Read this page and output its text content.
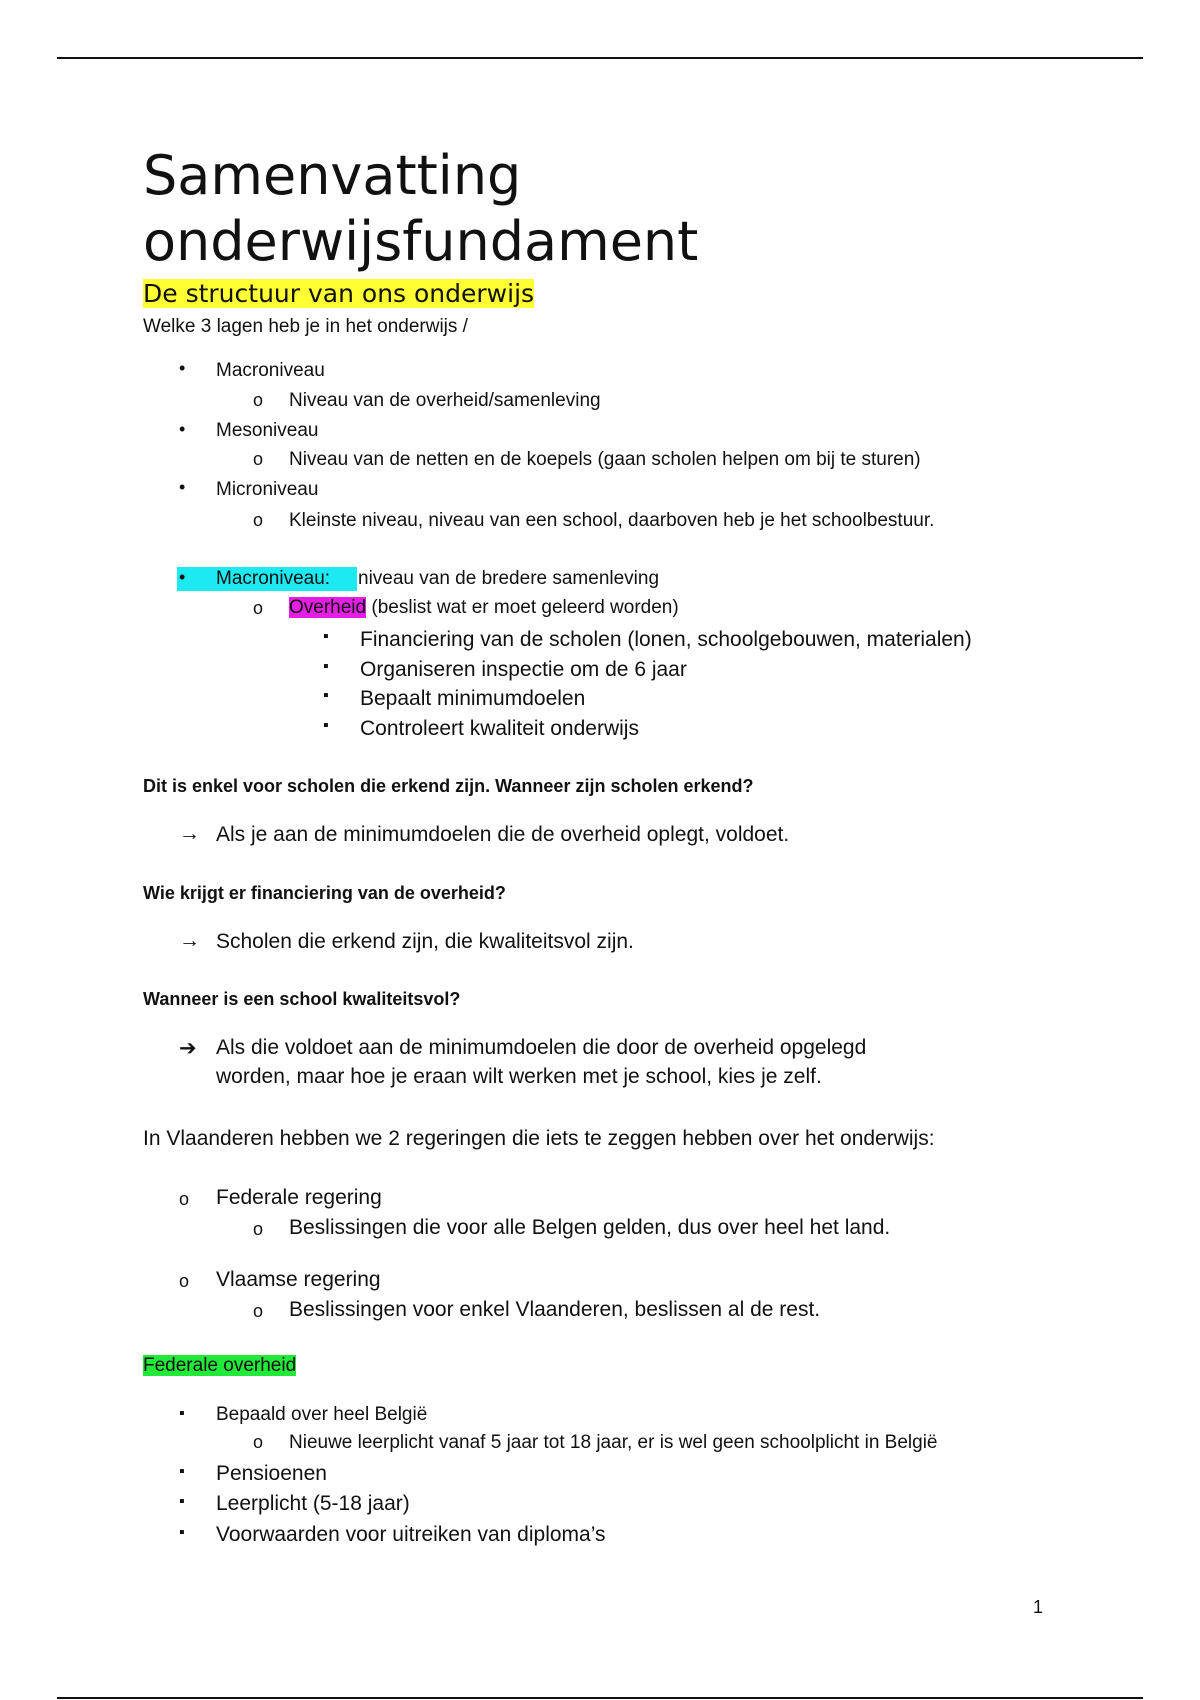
Samenvatting
onderwijsfundament
De structuur van ons onderwijs
Welke 3 lagen heb je in het onderwijs /
• Macroniveau
o Niveau van de overheid/samenleving
• Mesoniveau
o Niveau van de netten en de koepels (gaan scholen helpen om bij te sturen)
• Microniveau
o Kleinste niveau, niveau van een school, daarboven heb je het schoolbestuur.
• Macroniveau: niveau van de bredere samenleving
o Overheid (beslist wat er moet geleerd worden)
▪ Financiering van de scholen (lonen, schoolgebouwen, materialen)
▪ Organiseren inspectie om de 6 jaar
▪ Bepaalt minimumdoelen
Controleert kwaliteit onderwijs
▪
Dit is enkel voor scholen die erkend zijn. Wanneer zijn scholen erkend?
→ Als je aan de minimumdoelen die de overheid oplegt, voldoet.
Wie krijgt er financiering van de overheid?
→ Scholen die erkend zijn, die kwaliteitsvol zijn.
Wanneer is een school kwaliteitsvol?
➔ Als die voldoet aan de minimumdoelen die door de overheid opgelegd
worden, maar hoe je eraan wilt werken met je school, kies je zelf.
In Vlaanderen hebben we 2 regeringen die iets te zeggen hebben over het onderwijs:
o Federale regering
o Beslissingen die voor alle Belgen gelden, dus over heel het land.
o Vlaamse regering
o Beslissingen voor enkel Vlaanderen, beslissen al de rest.
Federale overheid
▪ Bepaald over heel België
o Nieuwe leerplicht vanaf 5 jaar tot 18 jaar, er is wel geen schoolplicht in België
▪ Pensioenen
▪ Leerplicht (5-18 jaar)
▪ Voorwaarden voor uitreiken van diploma’s
1
